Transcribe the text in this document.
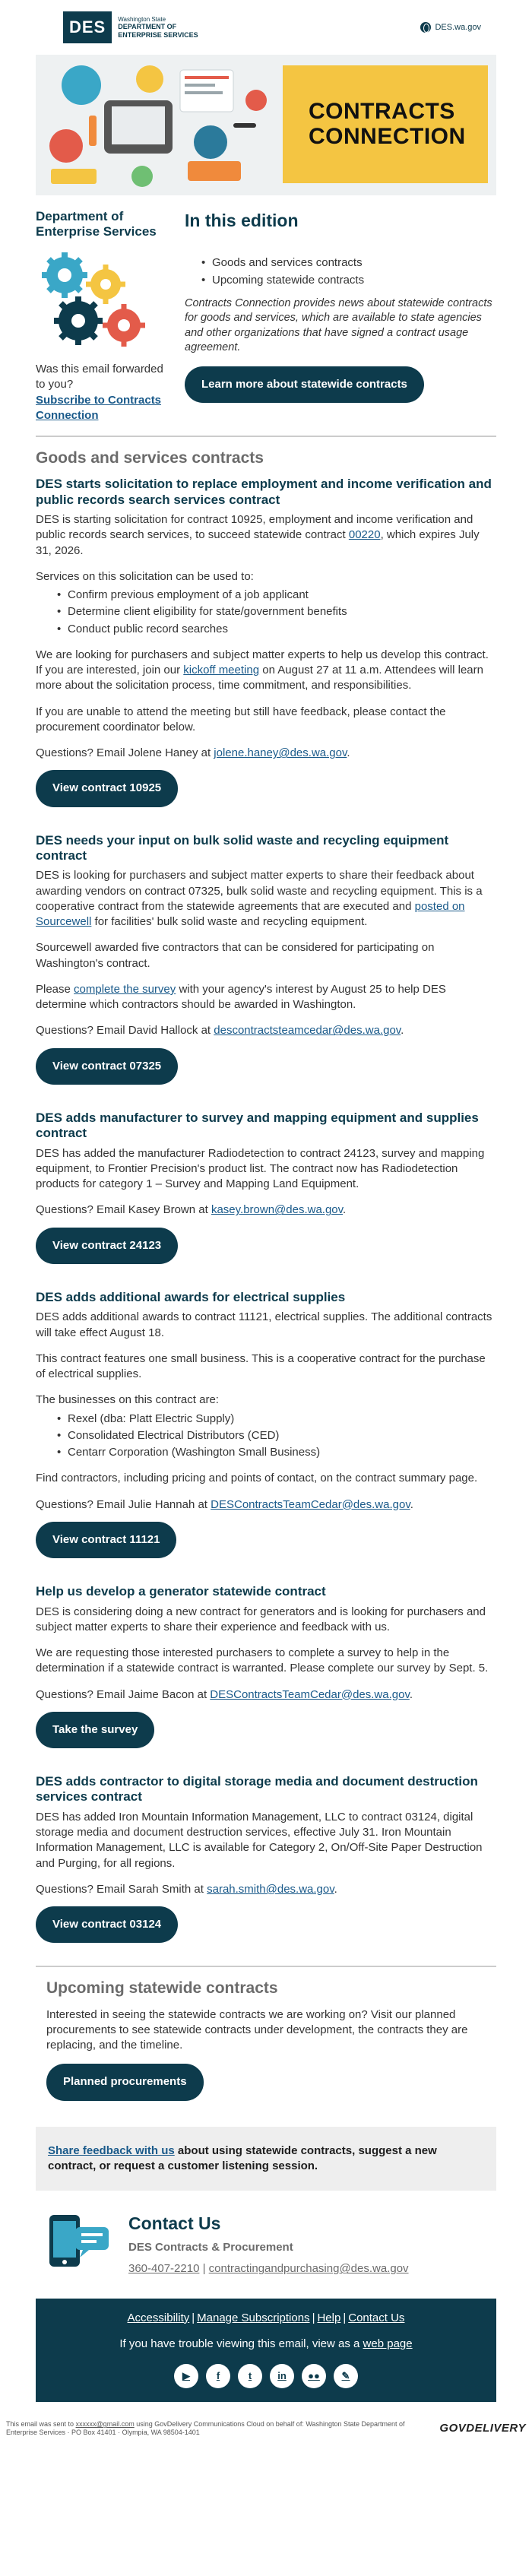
DES	Washington State
DEPARTMENT OF
ENTERPRISE SERVICES
DES.wa.gov
CONTRACTS
CONNECTION
Department of Enterprise Services
Was this email forwarded to you?
Subscribe to Contracts Connection
In this edition
• Goods and services contracts
• Upcoming statewide contracts
Contracts Connection provides news about statewide contracts for goods and services, which are available to state agencies and other organizations that have signed a contract usage agreement.
Learn more about statewide contracts
Goods and services contracts
DES starts solicitation to replace employment and income verification and public records search services contract

DES is starting solicitation for contract 10925, employment and income verification and public records search services, to succeed statewide contract 00220, which expires July 31, 2026.

Services on this solicitation can be used to:

• Confirm previous employment of a job applicant
• Determine client eligibility for state/government benefits
• Conduct public record searches

We are looking for purchasers and subject matter experts to help us develop this contract. If you are interested, join our kickoff meeting on August 27 at 11 a.m. Attendees will learn more about the solicitation process, time commitment, and responsibilities.

If you are unable to attend the meeting but still have feedback, please contact the procurement coordinator below.

Questions? Email Jolene Haney at jolene.haney@des.wa.gov.

View contract 10925
DES needs your input on bulk solid waste and recycling equipment contract

DES is looking for purchasers and subject matter experts to share their feedback about awarding vendors on contract 07325, bulk solid waste and recycling equipment. This is a cooperative contract from the statewide agreements that are executed and posted on Sourcewell for facilities' bulk solid waste and recycling equipment.

Sourcewell awarded five contractors that can be considered for participating on Washington's contract.

Please complete the survey with your agency's interest by August 25 to help DES determine which contractors should be awarded in Washington.

Questions? Email David Hallock at descontractsteamcedar@des.wa.gov.

View contract 07325
DES adds manufacturer to survey and mapping equipment and supplies contract

DES has added the manufacturer Radiodetection to contract 24123, survey and mapping equipment, to Frontier Precision's product list. The contract now has Radiodetection products for category 1 – Survey and Mapping Land Equipment.

Questions? Email Kasey Brown at kasey.brown@des.wa.gov.

View contract 24123
DES adds additional awards for electrical supplies

DES adds additional awards to contract 11121, electrical supplies. The additional contracts will take effect August 18.

This contract features one small business. This is a cooperative contract for the purchase of electrical supplies.

The businesses on this contract are:

• Rexel (dba: Platt Electric Supply)
• Consolidated Electrical Distributors (CED)
• Centarr Corporation (Washington Small Business)

Find contractors, including pricing and points of contact, on the contract summary page.

Questions? Email Julie Hannah at DESContractsTeamCedar@des.wa.gov.

View contract 11121
Help us develop a generator statewide contract

DES is considering doing a new contract for generators and is looking for purchasers and subject matter experts to share their experience and feedback with us.

We are requesting those interested purchasers to complete a survey to help in the determination if a statewide contract is warranted. Please complete our survey by Sept. 5.

Questions? Email Jaime Bacon at DESContractsTeamCedar@des.wa.gov.

Take the survey
DES adds contractor to digital storage media and document destruction services contract

DES has added Iron Mountain Information Management, LLC to contract 03124, digital storage media and document destruction services, effective July 31. Iron Mountain Information Management, LLC is available for Category 2, On/Off-Site Paper Destruction and Purging, for all regions.

Questions? Email Sarah Smith at sarah.smith@des.wa.gov.

View contract 03124
Upcoming statewide contracts

Interested in seeing the statewide contracts we are working on? Visit our planned procurements to see statewide contracts under development, the contracts they are replacing, and the timeline.

Planned procurements
Share feedback with us about using statewide contracts, suggest a new contract, or request a customer listening session.
Contact Us
DES Contracts & Procurement
360-407-2210 | contractingandpurchasing@des.wa.gov
Accessibility | Manage Subscriptions | Help | Contact Us
If you have trouble viewing this email, view as a web page
▶	f	t	in	●●	✎
This email was sent to xxxxxx@gmail.com using GovDelivery Communications Cloud on behalf of: Washington State Department of Enterprise Services · PO Box 41401 · Olympia, WA 98504-1401	GOVDELIVERY
